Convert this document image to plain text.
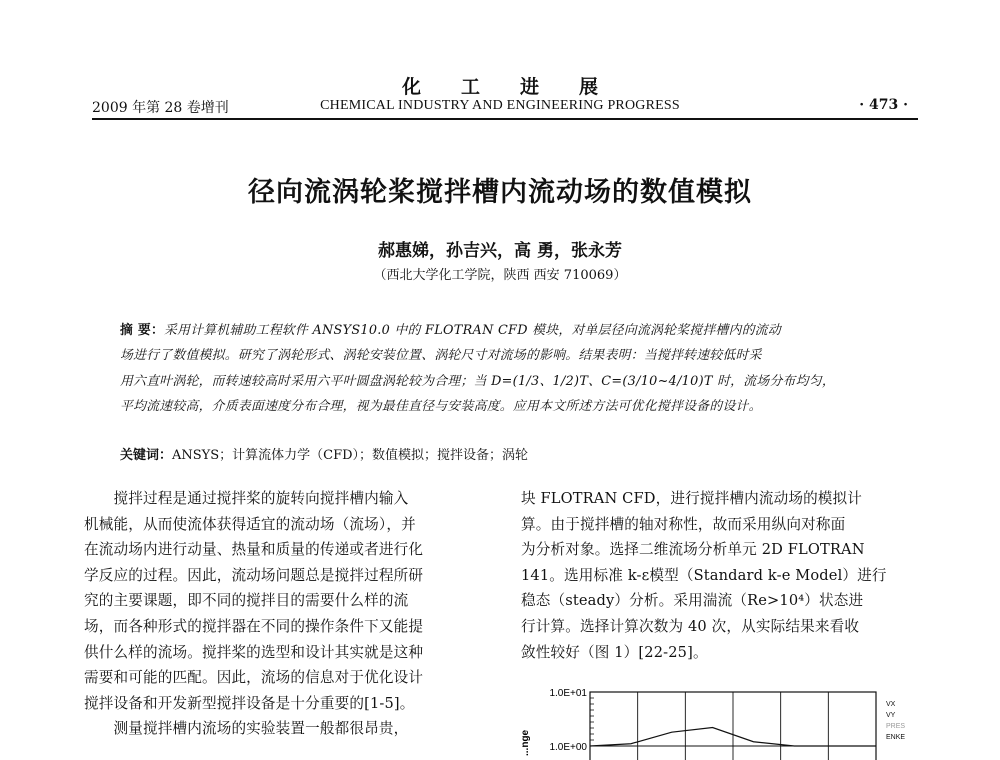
化工进展
2009 年第 28 卷增刊	CHEMICAL INDUSTRY AND ENGINEERING PROGRESS	· 473 ·
径向流涡轮桨搅拌槽内流动场的数值模拟
郝惠娣，孙吉兴，高 勇，张永芳
（西北大学化工学院，陕西 西安 710069）
摘 要：采用计算机辅助工程软件 ANSYS10.0 中的 FLOTRAN CFD 模块，对单层径向流涡轮桨搅拌槽内的流动
场进行了数值模拟。研究了涡轮形式、涡轮安装位置、涡轮尺寸对流场的影响。结果表明：当搅拌转速较低时采
用六直叶涡轮，而转速较高时采用六平叶圆盘涡轮较为合理；当 D=(1/3、1/2)T、C=(3/10~4/10)T 时，流场分布均匀，
平均流速较高，介质表面速度分布合理，视为最佳直径与安装高度。应用本文所述方法可优化搅拌设备的设计。
关键词：ANSYS；计算流体力学（CFD）；数值模拟；搅拌设备；涡轮
　　搅拌过程是通过搅拌桨的旋转向搅拌槽内输入
机械能，从而使流体获得适宜的流动场（流场），并
在流动场内进行动量、热量和质量的传递或者进行化
学反应的过程。因此，流动场问题总是搅拌过程所研
究的主要课题，即不同的搅拌目的需要什么样的流
场，而各种形式的搅拌器在不同的操作条件下又能提
供什么样的流场。搅拌桨的选型和设计其实就是这种
需要和可能的匹配。因此，流场的信息对于优化设计
搅拌设备和开发新型搅拌设备是十分重要的[1-5]。
　　测量搅拌槽内流场的实验装置一般都很昂贵，
块 FLOTRAN CFD，进行搅拌槽内流动场的模拟计
算。由于搅拌槽的轴对称性，故而采用纵向对称面
为分析对象。选择二维流场分析单元 2D FLOTRAN
141。选用标准 k-ε模型（Standard k-e Model）进行
稳态（steady）分析。采用湍流（Re>10⁴）状态进
行计算。选择计算次数为 40 次，从实际结果来看收
敛性较好（图 1）[22-25]。
1.0E+01
1.0E+00
...nge
VX
VY
PRES
ENKE
